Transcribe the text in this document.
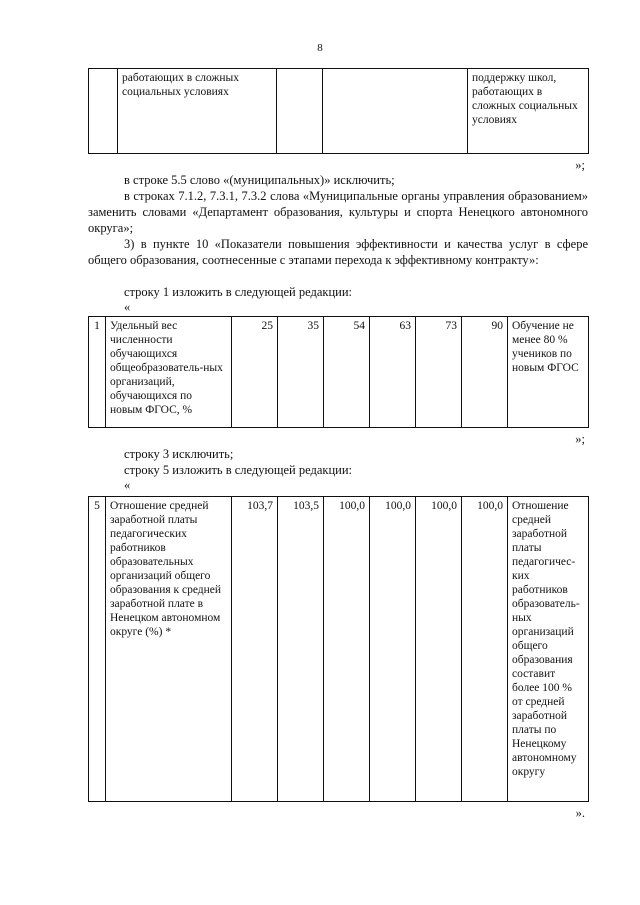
8
	работающих в сложных социальных условиях			поддержку школ, работающих в сложных социальных условиях
»;

в строке 5.5 слово «(муниципальных)» исключить;

в строках 7.1.2, 7.3.1, 7.3.2 слова «Муниципальные органы управления образованием» заменить словами «Департамент образования, культуры и спорта Ненецкого автономного округа»;

3) в пункте 10 «Показатели повышения эффективности и качества услуг в сфере общего образования, соотнесенные с этапами перехода к эффективному контракту»:

строку 1 изложить в следующей редакции:

«
1	Удельный вес численности обучающихся общеобразователь-ных организаций, обучающихся по новым ФГОС, %	25	35	54	63	73	90	Обучение не менее 80 % учеников по новым ФГОС
»;

строку 3 исключить;

строку 5 изложить в следующей редакции:

«
5	Отношение средней заработной платы педагогических работников образовательных организаций общего образования к средней заработной плате в Ненецком автономном округе (%) *	103,7	103,5	100,0	100,0	100,0	100,0	Отношение средней заработной платы педагогичес-ких работников образователь-ных организаций общего образования составит более 100 % от средней заработной платы по Ненецкому автономному округу
».
